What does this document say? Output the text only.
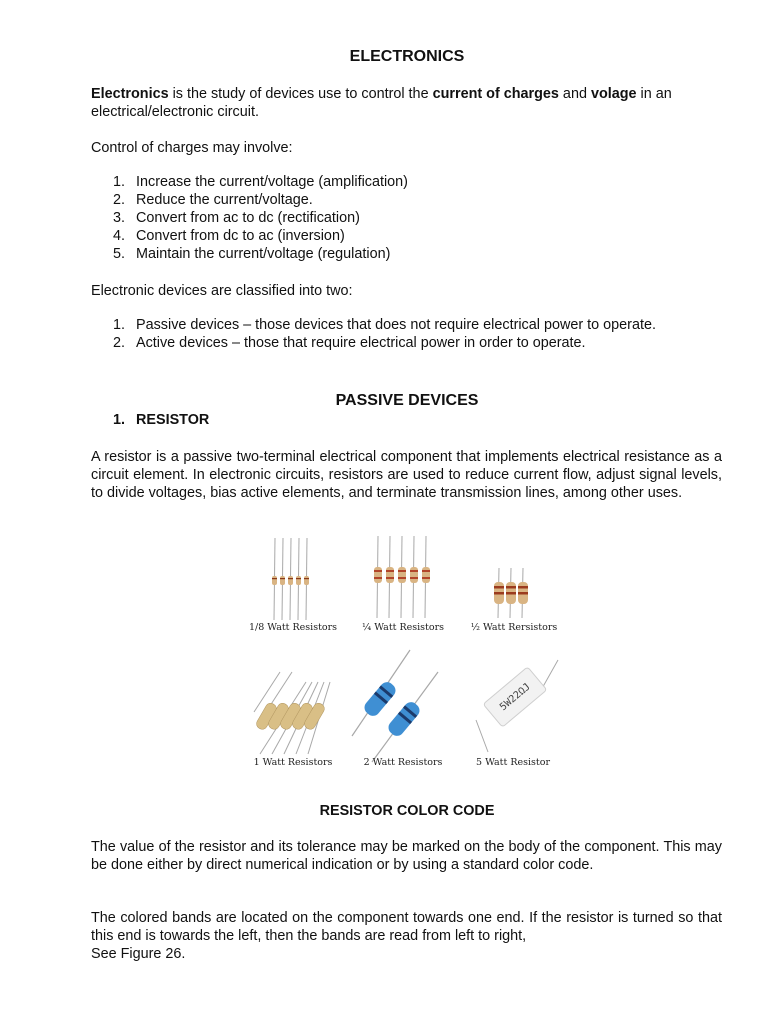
ELECTRONICS
Electronics is the study of devices use to control the current of charges and volage in an electrical/electronic circuit.
Control of charges may involve:
1. Increase the current/voltage (amplification)
2. Reduce the current/voltage.
3. Convert from ac to dc (rectification)
4. Convert from dc to ac (inversion)
5. Maintain the current/voltage (regulation)
Electronic devices are classified into two:
1. Passive devices – those devices that does not require electrical power to operate.
2. Active devices – those that require electrical power in order to operate.
PASSIVE DEVICES
1. RESISTOR
A resistor is a passive two-terminal electrical component that implements electrical resistance as a circuit element. In electronic circuits, resistors are used to reduce current flow, adjust signal levels, to divide voltages, bias active elements, and terminate transmission lines, among other uses.
1/8 Watt Resistors	¼ Watt Resistors	½ Watt Rersistors
1 Watt Resistors	2 Watt Resistors
5W22ΩJ
5 Watt Resistor
RESISTOR COLOR CODE
The value of the resistor and its tolerance may be marked on the body of the component. This may be done either by direct numerical indication or by using a standard color code.
The colored bands are located on the component towards one end. If the resistor is turned so that this end is towards the left, then the bands are read from left to right,
See Figure 26.
